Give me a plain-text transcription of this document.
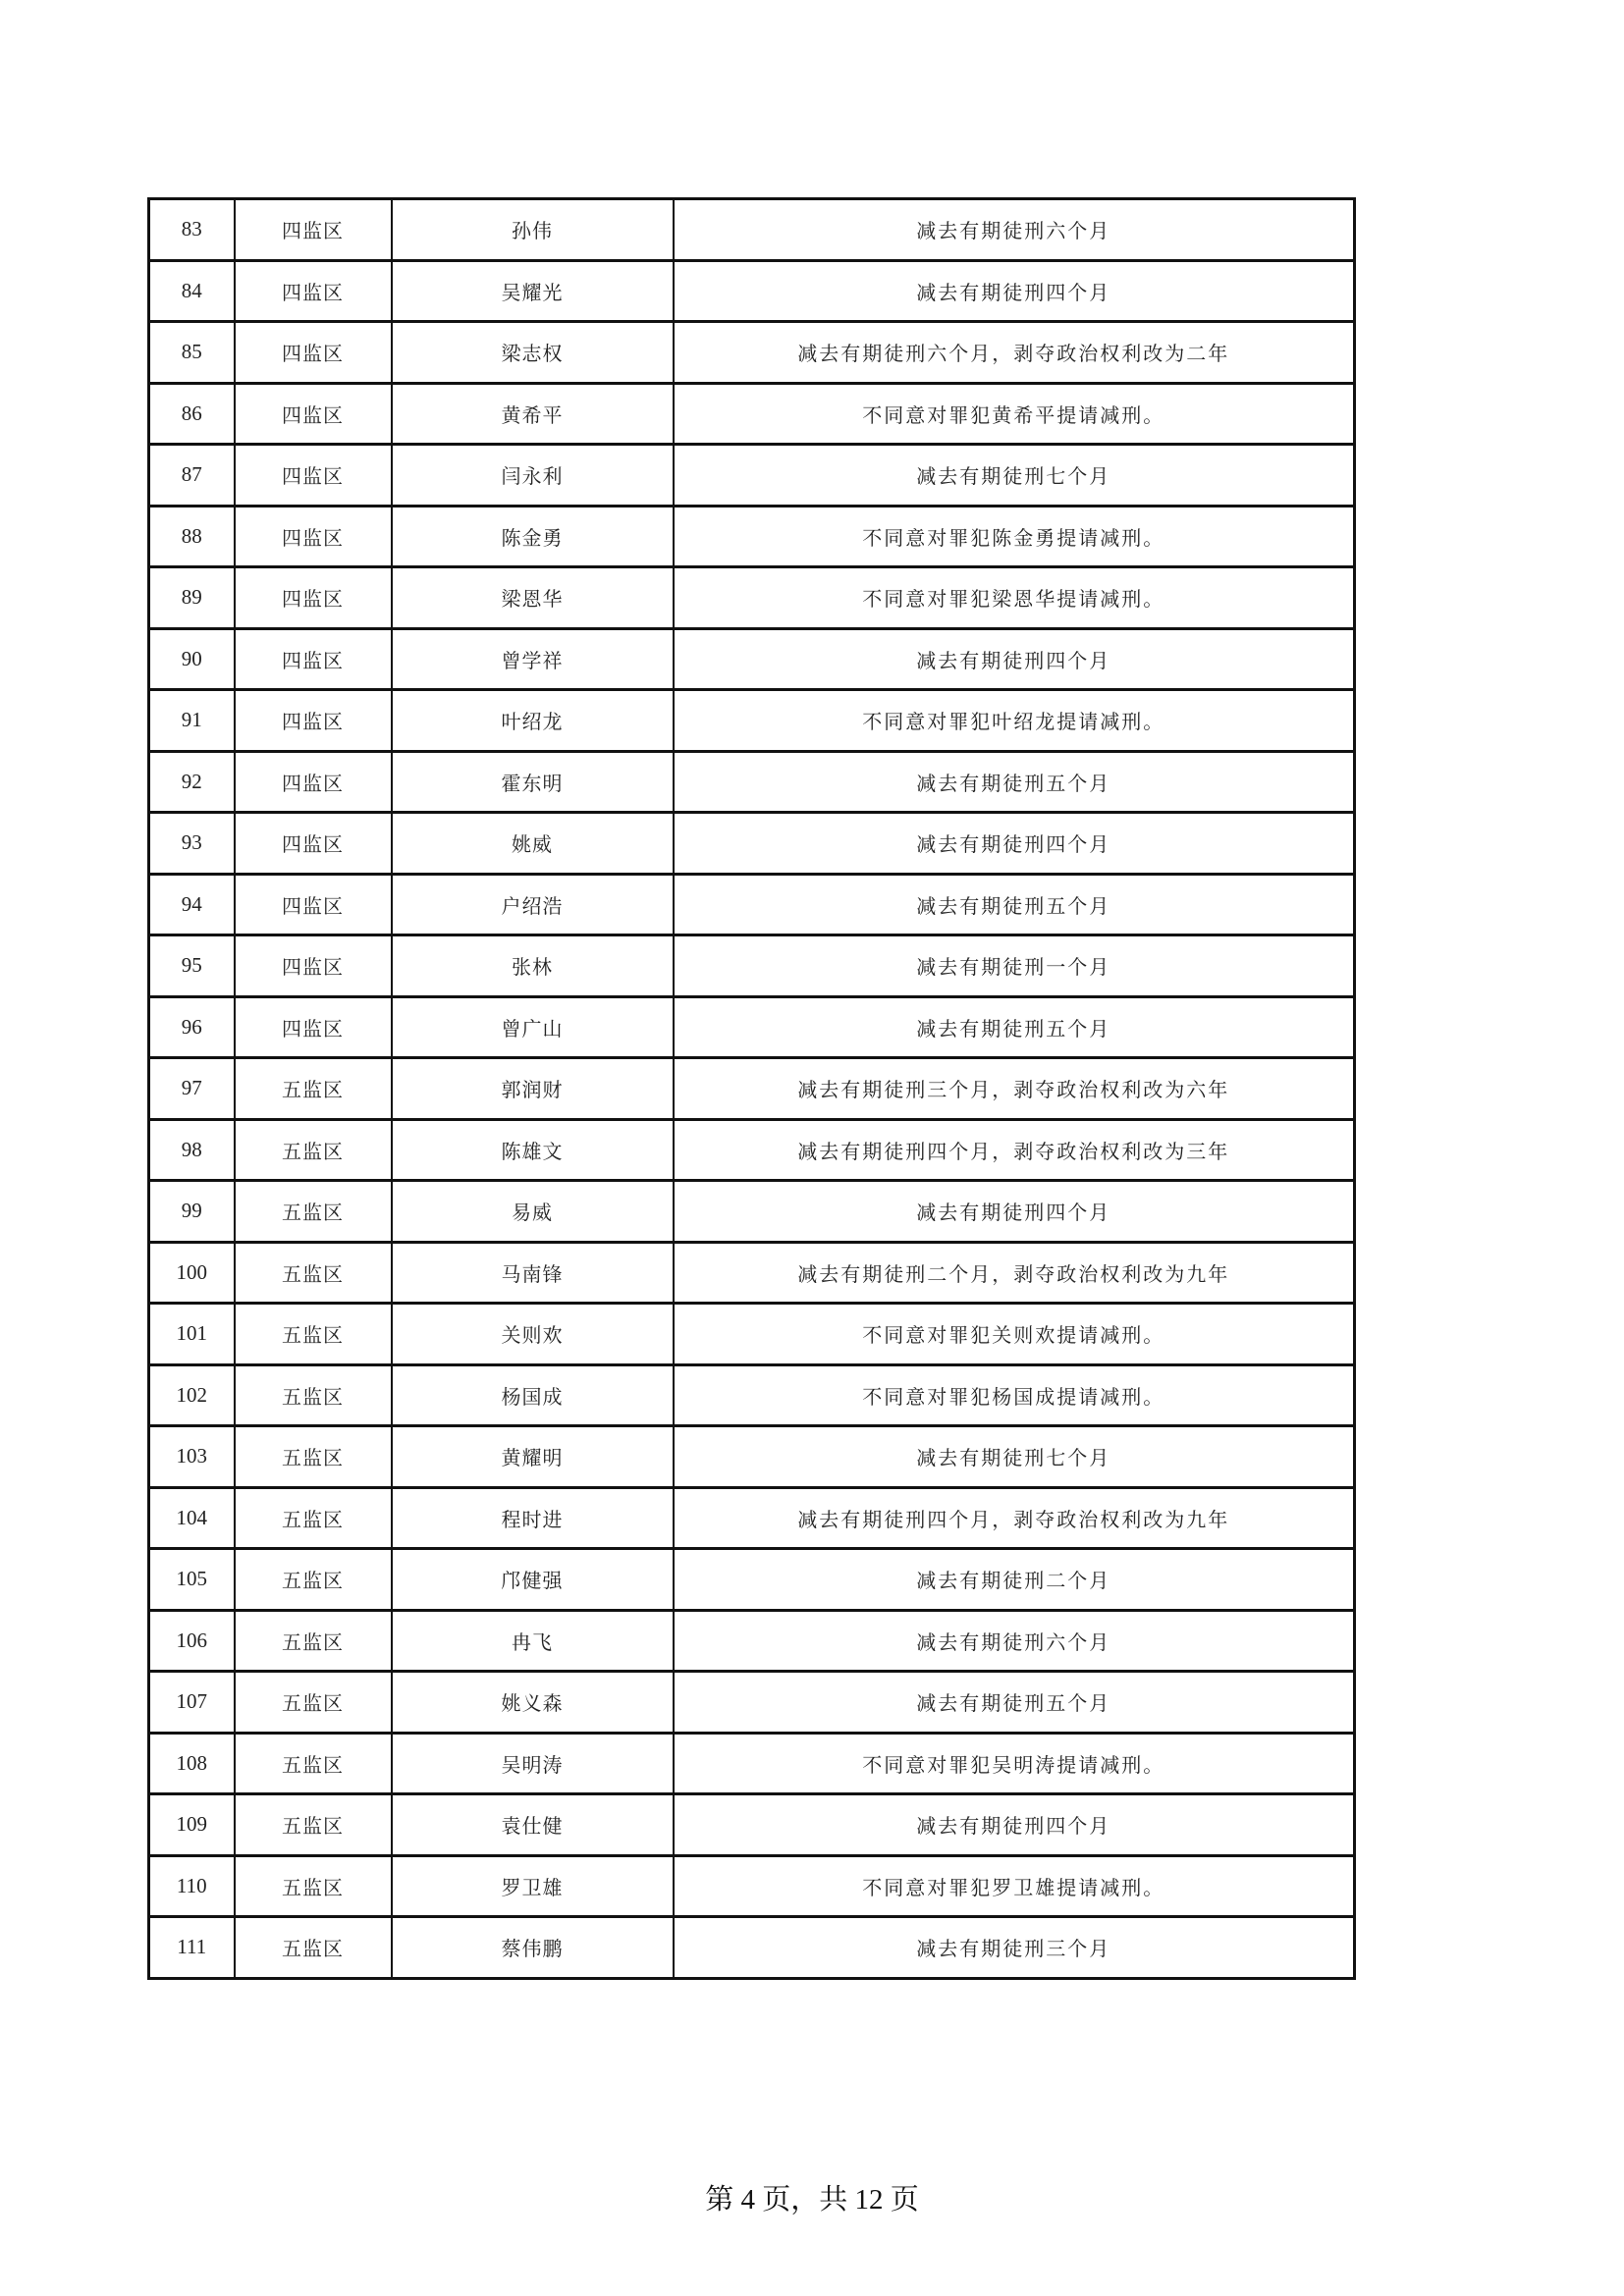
83	四监区	孙伟	减去有期徒刑六个月
84	四监区	吴耀光	减去有期徒刑四个月
85	四监区	梁志权	减去有期徒刑六个月，剥夺政治权利改为二年
86	四监区	黄希平	不同意对罪犯黄希平提请减刑。
87	四监区	闫永利	减去有期徒刑七个月
88	四监区	陈金勇	不同意对罪犯陈金勇提请减刑。
89	四监区	梁恩华	不同意对罪犯梁恩华提请减刑。
90	四监区	曾学祥	减去有期徒刑四个月
91	四监区	叶绍龙	不同意对罪犯叶绍龙提请减刑。
92	四监区	霍东明	减去有期徒刑五个月
93	四监区	姚威	减去有期徒刑四个月
94	四监区	户绍浩	减去有期徒刑五个月
95	四监区	张林	减去有期徒刑一个月
96	四监区	曾广山	减去有期徒刑五个月
97	五监区	郭润财	减去有期徒刑三个月，剥夺政治权利改为六年
98	五监区	陈雄文	减去有期徒刑四个月，剥夺政治权利改为三年
99	五监区	易威	减去有期徒刑四个月
100	五监区	马南锋	减去有期徒刑二个月，剥夺政治权利改为九年
101	五监区	关则欢	不同意对罪犯关则欢提请减刑。
102	五监区	杨国成	不同意对罪犯杨国成提请减刑。
103	五监区	黄耀明	减去有期徒刑七个月
104	五监区	程时进	减去有期徒刑四个月，剥夺政治权利改为九年
105	五监区	邝健强	减去有期徒刑二个月
106	五监区	冉飞	减去有期徒刑六个月
107	五监区	姚义森	减去有期徒刑五个月
108	五监区	吴明涛	不同意对罪犯吴明涛提请减刑。
109	五监区	袁仕健	减去有期徒刑四个月
110	五监区	罗卫雄	不同意对罪犯罗卫雄提请减刑。
111	五监区	蔡伟鹏	减去有期徒刑三个月
第 4 页，共 12 页
